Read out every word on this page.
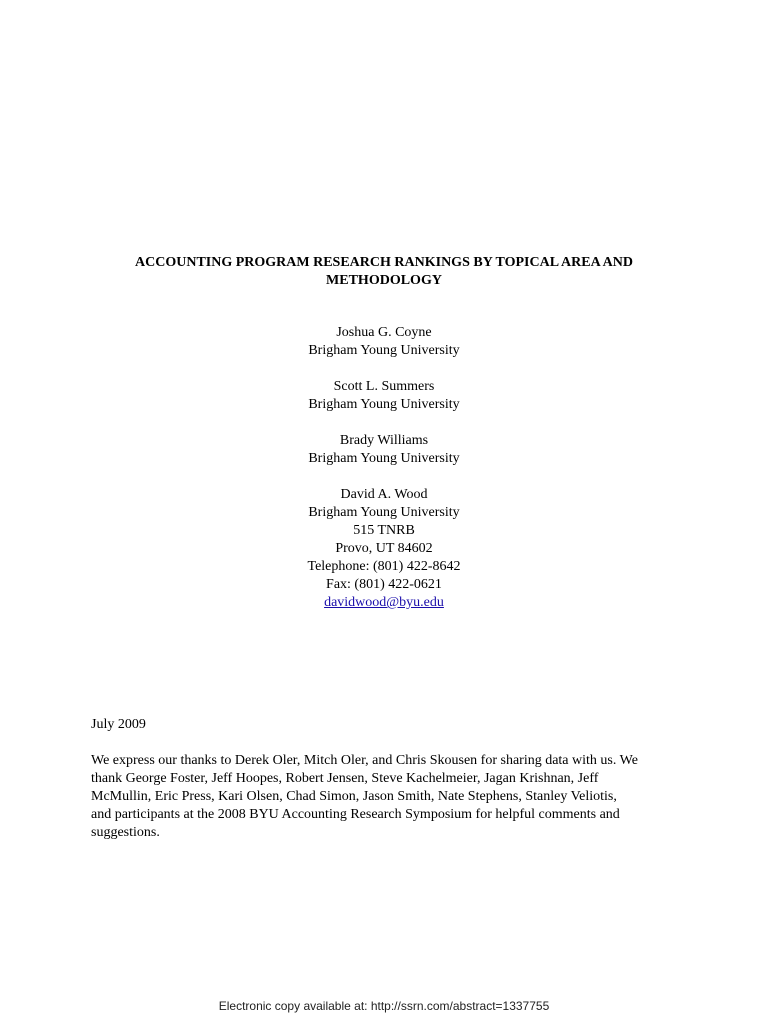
ACCOUNTING PROGRAM RESEARCH RANKINGS BY TOPICAL AREA AND
METHODOLOGY
Joshua G. Coyne
Brigham Young University
Scott L. Summers
Brigham Young University
Brady Williams
Brigham Young University
David A. Wood
Brigham Young University
515 TNRB
Provo, UT 84602
Telephone: (801) 422-8642
Fax: (801) 422-0621
davidwood@byu.edu
July 2009
We express our thanks to Derek Oler, Mitch Oler, and Chris Skousen for sharing data with us. We
thank George Foster, Jeff Hoopes, Robert Jensen, Steve Kachelmeier, Jagan Krishnan, Jeff
McMullin, Eric Press, Kari Olsen, Chad Simon, Jason Smith, Nate Stephens, Stanley Veliotis,
and participants at the 2008 BYU Accounting Research Symposium for helpful comments and
suggestions.
Electronic copy available at: http://ssrn.com/abstract=1337755
